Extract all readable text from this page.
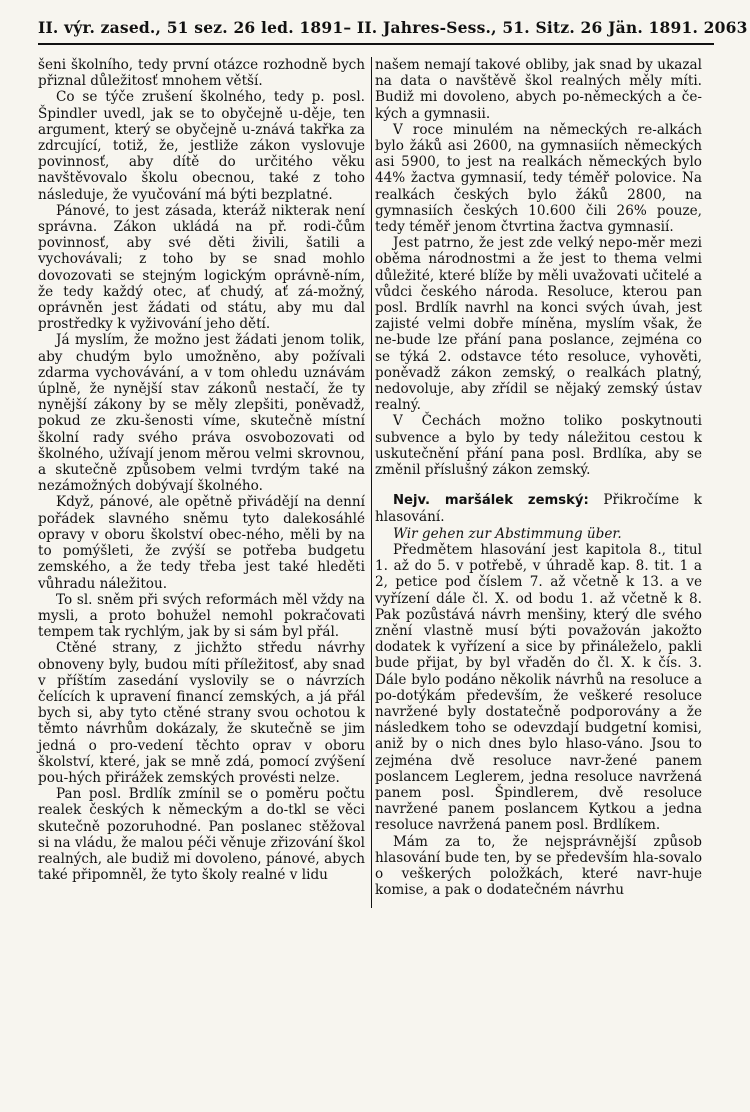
II. výr. zased., 51 sez. 26 led. 1891 – II. Jahres-Sess., 51. Sitz. 26 Jän. 1891. 2063

šeni školního, tedy první otázce rozhodně bych přiznal důležitosť mnohem větší.

Co se týče zrušení školného, tedy p. posl. Špindler uvedl, jak se to obyčejně u-děje, ten argument, který se obyčejně u-znává takřka za zdrcující, totiž, že, jestliže zákon vyslovuje povinnosť, aby dítě do určitého věku navštěvovalo školu obecnou, také z toho následuje, že vyučování má býti bezplatné.

Pánové, to jest zásada, kteráž nikterak není správna. Zákon ukládá na př. rodi-čům povinnosť, aby své děti živili, šatili a vychovávali; z toho by se snad mohlo dovozovati se stejným logickým oprávně-ním, že tedy každý otec, ať chudý, ať zá-možný, oprávněn jest žádati od státu, aby mu dal prostředky k vyživování jeho dětí.

Já myslím, že možno jest žádati jenom tolik, aby chudým bylo umožněno, aby požívali zdarma vychovávání, a v tom ohledu uznávám úplně, že nynější stav zákonů nestačí, že ty nynější zákony by se měly zlepšiti, poněvadž, pokud ze zku-šenosti víme, skutečně místní školní rady svého práva osvobozovati od školného, užívají jenom měrou velmi skrovnou, a skutečně způsobem velmi tvrdým také na nezámožných dobývají školného.

Když, pánové, ale opětně přivádějí na denní pořádek slavného sněmu tyto dalekosáhlé opravy v oboru školství obec-ného, měli by na to pomýšleti, že zvýší se potřeba budgetu zemského, a že tedy třeba jest také hleděti vůhradu náležitou.

To sl. sněm při svých reformách měl vždy na mysli, a proto bohužel nemohl pokračovati tempem tak rychlým, jak by si sám byl přál.

Ctěné strany, z jichžto středu návrhy obnoveny byly, budou míti příležitosť, aby snad v příštím zasedání vyslovily se o návrzích čelících k upravení financí zemských, a já přál bych si, aby tyto ctěné strany svou ochotou k těmto návrhům dokázaly, že skutečně se jim jedná o pro-vedení těchto oprav v oboru školství, které, jak se mně zdá, pomocí zvýšení pou-hých přirážek zemských provésti nelze.

Pan posl. Brdlík zmínil se o poměru počtu realek českých k německým a do-tkl se věci skutečně pozoruhodné. Pan poslanec stěžoval si na vládu, že malou péči věnuje zřizování škol realných, ale budiž mi dovoleno, pánové, abych také připomněl, že tyto školy realné v lidu

našem nemají takové obliby, jak snad by ukazal na data o navštěvě škol realných měly míti. Budiž mi dovoleno, abych po-německých a če-kých a gymnasii.

V roce minulém na německých re-alkách bylo žáků asi 2600, na gymnasiích německých asi 5900, to jest na realkách německých bylo 44% žactva gymnasií, tedy téměř polovice. Na realkách českých bylo žáků 2800, na gymnasiích českých 10.600 čili 26% pouze, tedy téměř jenom čtvrtina žactva gymnasií.

Jest patrno, že jest zde velký nepo-měr mezi oběma národnostmi a že jest to thema velmi důležité, které blíže by měli uvažovati učitelé a vůdci českého národa. Resoluce, kterou pan posl. Brdlík navrhl na konci svých úvah, jest zajisté velmi dobře míněna, myslím však, že ne-bude lze přání pana poslance, zejména co se týká 2. odstavce této resoluce, vyhověti, poněvadž zákon zemský, o realkách platný, nedovoluje, aby zřídil se nějaký zemský ústav realný.

V Čechách možno toliko poskytnouti subvence a bylo by tedy náležitou cestou k uskutečnění přání pana posl. Brdlíka, aby se změnil příslušný zákon zemský.

Nejv. maršálek zemský: Přikročíme k hlasování.

Wir gehen zur Abstimmung über.

Předmětem hlasování jest kapitola 8., titul 1. až do 5. v potřebě, v úhradě kap. 8. tit. 1 a 2, petice pod číslem 7. až včetně k 13. a ve vyřízení dále čl. X. od bodu 1. až včetně k 8. Pak pozůstává návrh menšiny, který dle svého znění vlastně musí býti považován jakožto dodatek k vyřízení a sice by přináleželo, pakli bude přijat, by byl vřaděn do čl. X. k čís. 3. Dále bylo podáno několik návrhů na resoluce a po-dotýkám především, že veškeré resoluce navržené byly dostatečně podporovány a že následkem toho se odevzdají budgetní komisi, aniž by o nich dnes bylo hlaso-váno. Jsou to zejména dvě resoluce navr-žené panem poslancem Leglerem, jedna resoluce navržená panem posl. Špindlerem, dvě resoluce navržené panem poslancem Kytkou a jedna resoluce navržená panem posl. Brdlíkem.

Mám za to, že nejsprávnější způsob hlasování bude ten, by se především hla-sovalo o veškerých položkách, které navr-huje komise, a pak o dodatečném návrhu
